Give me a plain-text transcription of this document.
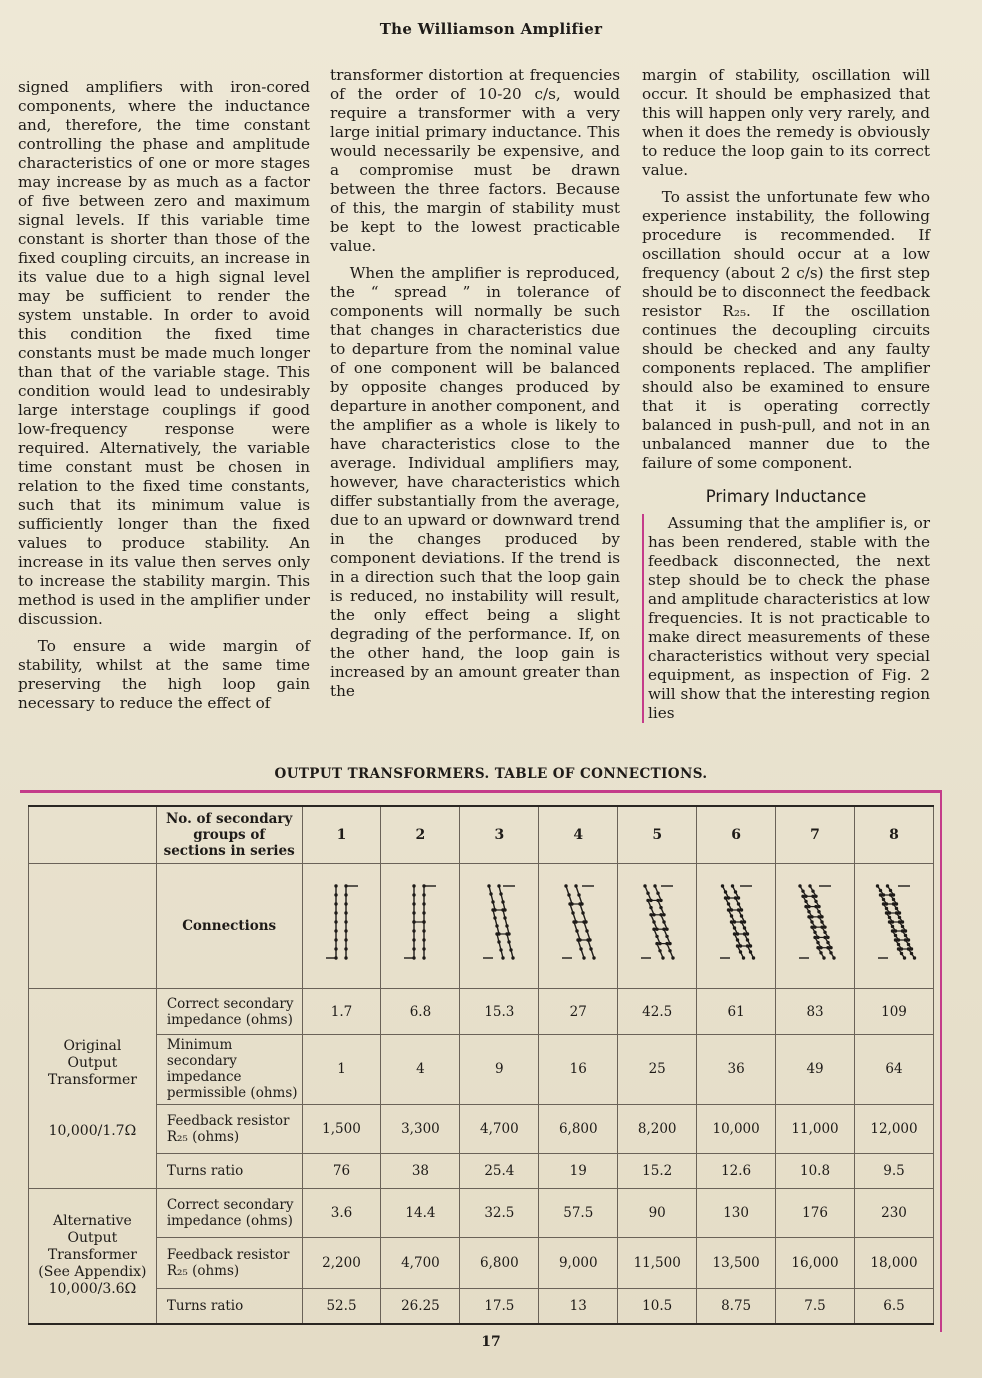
The Williamson Amplifier

signed amplifiers with iron-cored components, where the inductance and, therefore, the time constant controlling the phase and amplitude characteristics of one or more stages may increase by as much as a factor of five between zero and maximum signal levels. If this variable time constant is shorter than those of the fixed coupling circuits, an increase in its value due to a high signal level may be sufficient to render the system unstable. In order to avoid this condition the fixed time constants must be made much longer than that of the variable stage. This condition would lead to undesirably large interstage couplings if good low-frequency response were required. Alternatively, the variable time constant must be chosen in relation to the fixed time constants, such that its minimum value is sufficiently longer than the fixed values to produce stability. An increase in its value then serves only to increase the stability margin. This method is used in the amplifier under discussion.

To ensure a wide margin of stability, whilst at the same time preserving the high loop gain necessary to reduce the effect of

transformer distortion at frequencies of the order of 10-20 c/s, would require a transformer with a very large initial primary inductance. This would necessarily be expensive, and a compromise must be drawn between the three factors. Because of this, the margin of stability must be kept to the lowest practicable value.

When the amplifier is reproduced, the “ spread ” in tolerance of components will normally be such that changes in characteristics due to departure from the nominal value of one component will be balanced by opposite changes produced by departure in another component, and the amplifier as a whole is likely to have characteristics close to the average. Individual amplifiers may, however, have characteristics which differ substantially from the average, due to an upward or downward trend in the changes produced by component deviations. If the trend is in a direction such that the loop gain is reduced, no instability will result, the only effect being a slight degrading of the performance. If, on the other hand, the loop gain is increased by an amount greater than the

margin of stability, oscillation will occur. It should be emphasized that this will happen only very rarely, and when it does the remedy is obviously to reduce the loop gain to its correct value.

To assist the unfortunate few who experience instability, the following procedure is recommended. If oscillation should occur at a low frequency (about 2 c/s) the first step should be to disconnect the feedback resistor R₂₅. If the oscillation continues the decoupling circuits should be checked and any faulty components replaced. The amplifier should also be examined to ensure that it is operating correctly balanced in push-pull, and not in an unbalanced manner due to the failure of some component.

Primary Inductance

Assuming that the amplifier is, or has been rendered, stable with the feedback disconnected, the next step should be to check the phase and amplitude characteristics at low frequencies. It is not practicable to make direct measurements of these characteristics without very special equipment, as inspection of Fig. 2 will show that the interesting region lies

OUTPUT TRANSFORMERS. TABLE OF CONNECTIONS.
	No. of secondary groups of sections in series	1	2	3	4	5	6	7	8
	Connections	

Original
Output
Transformer

10,000/1.7Ω	Correct secondary impedance (ohms)	1.7	6.8	15.3	27	42.5	61	83	109
	Minimum secondary impedance permissible (ohms)	1	4	9	16	25	36	49	64
	Feedback resistor R₂₅ (ohms)	1,500	3,300	4,700	6,800	8,200	10,000	11,000	12,000
	Turns ratio	76	38	25.4	19	15.2	12.6	10.8	9.5
Alternative
Output
Transformer
(See Appendix)
10,000/3.6Ω	Correct secondary impedance (ohms)	3.6	14.4	32.5	57.5	90	130	176	230
	Feedback resistor R₂₅ (ohms)	2,200	4,700	6,800	9,000	11,500	13,500	16,000	18,000
	Turns ratio	52.5	26.25	17.5	13	10.5	8.75	7.5	6.5
17
